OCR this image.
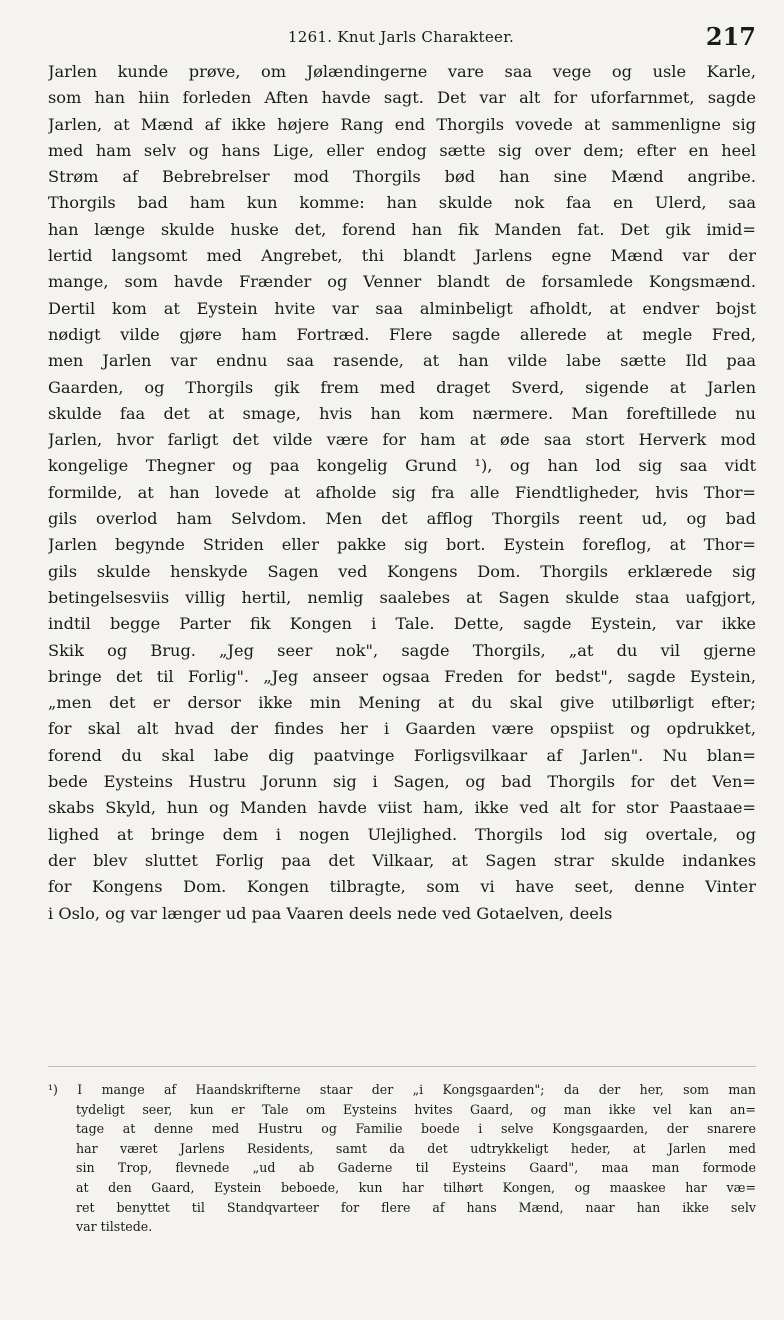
1261. Knut Jarls Charakteer.	217
Jarlen kunde prøve, om Jølændingerne vare saa vege og usle Karle,
som han hiin forleden Aften havde sagt. Det var alt for uforfarnmet, sagde
Jarlen, at Mænd af ikke højere Rang end Thorgils vovede at sammenligne sig
med ham selv og hans Lige, eller endog sætte sig over dem; efter en heel
Strøm af Bebrebrelser mod Thorgils bød han sine Mænd angribe.
Thorgils bad ham kun komme: han skulde nok faa en Ulerd, saa
han længe skulde huske det, forend han fik Manden fat. Det gik imid=
lertid langsomt med Angrebet, thi blandt Jarlens egne Mænd var der
mange, som havde Frænder og Venner blandt de forsamlede Kongsmænd.
Dertil kom at Eystein hvite var saa alminbeligt afholdt, at endver bojst
nødigt vilde gjøre ham Fortræd. Flere sagde allerede at megle Fred,
men Jarlen var endnu saa rasende, at han vilde labe sætte Ild paa
Gaarden, og Thorgils gik frem med draget Sverd, sigende at Jarlen
skulde faa det at smage, hvis han kom nærmere. Man foreftillede nu
Jarlen, hvor farligt det vilde være for ham at øde saa stort Herverk mod
kongelige Thegner og paa kongelig Grund ¹), og han lod sig saa vidt
formilde, at han lovede at afholde sig fra alle Fiendtligheder, hvis Thor=
gils overlod ham Selvdom. Men det afflog Thorgils reent ud, og bad
Jarlen begynde Striden eller pakke sig bort. Eystein foreflog, at Thor=
gils skulde henskyde Sagen ved Kongens Dom. Thorgils erklærede sig
betingelsesviis villig hertil, nemlig saalebes at Sagen skulde staa uafgjort,
indtil begge Parter fik Kongen i Tale. Dette, sagde Eystein, var ikke
Skik og Brug. „Jeg seer nok", sagde Thorgils, „at du vil gjerne
bringe det til Forlig". „Jeg anseer ogsaa Freden for bedst", sagde Eystein,
„men det er dersor ikke min Mening at du skal give utilbørligt efter;
for skal alt hvad der findes her i Gaarden være opspiist og opdrukket,
forend du skal labe dig paatvinge Forligsvilkaar af Jarlen". Nu blan=
bede Eysteins Hustru Jorunn sig i Sagen, og bad Thorgils for det Ven=
skabs Skyld, hun og Manden havde viist ham, ikke ved alt for stor Paastaae=
lighed at bringe dem i nogen Ulejlighed. Thorgils lod sig overtale, og
der blev sluttet Forlig paa det Vilkaar, at Sagen strar skulde indankes
for Kongens Dom. Kongen tilbragte, som vi have seet, denne Vinter
i Oslo, og var længer ud paa Vaaren deels nede ved Gotaelven, deels
¹) I mange af Haandskrifterne staar der „i Kongsgaarden"; da der her, som man
tydeligt seer, kun er Tale om Eysteins hvites Gaard, og man ikke vel kan an=
tage at denne med Hustru og Familie boede i selve Kongsgaarden, der snarere
har været Jarlens Residents, samt da det udtrykkeligt heder, at Jarlen med
sin Trop, flevnede „ud ab Gaderne til Eysteins Gaard", maa man formode
at den Gaard, Eystein beboede, kun har tilhørt Kongen, og maaskee har væ=
ret benyttet til Standqvarteer for flere af hans Mænd, naar han ikke selv
var tilstede.
